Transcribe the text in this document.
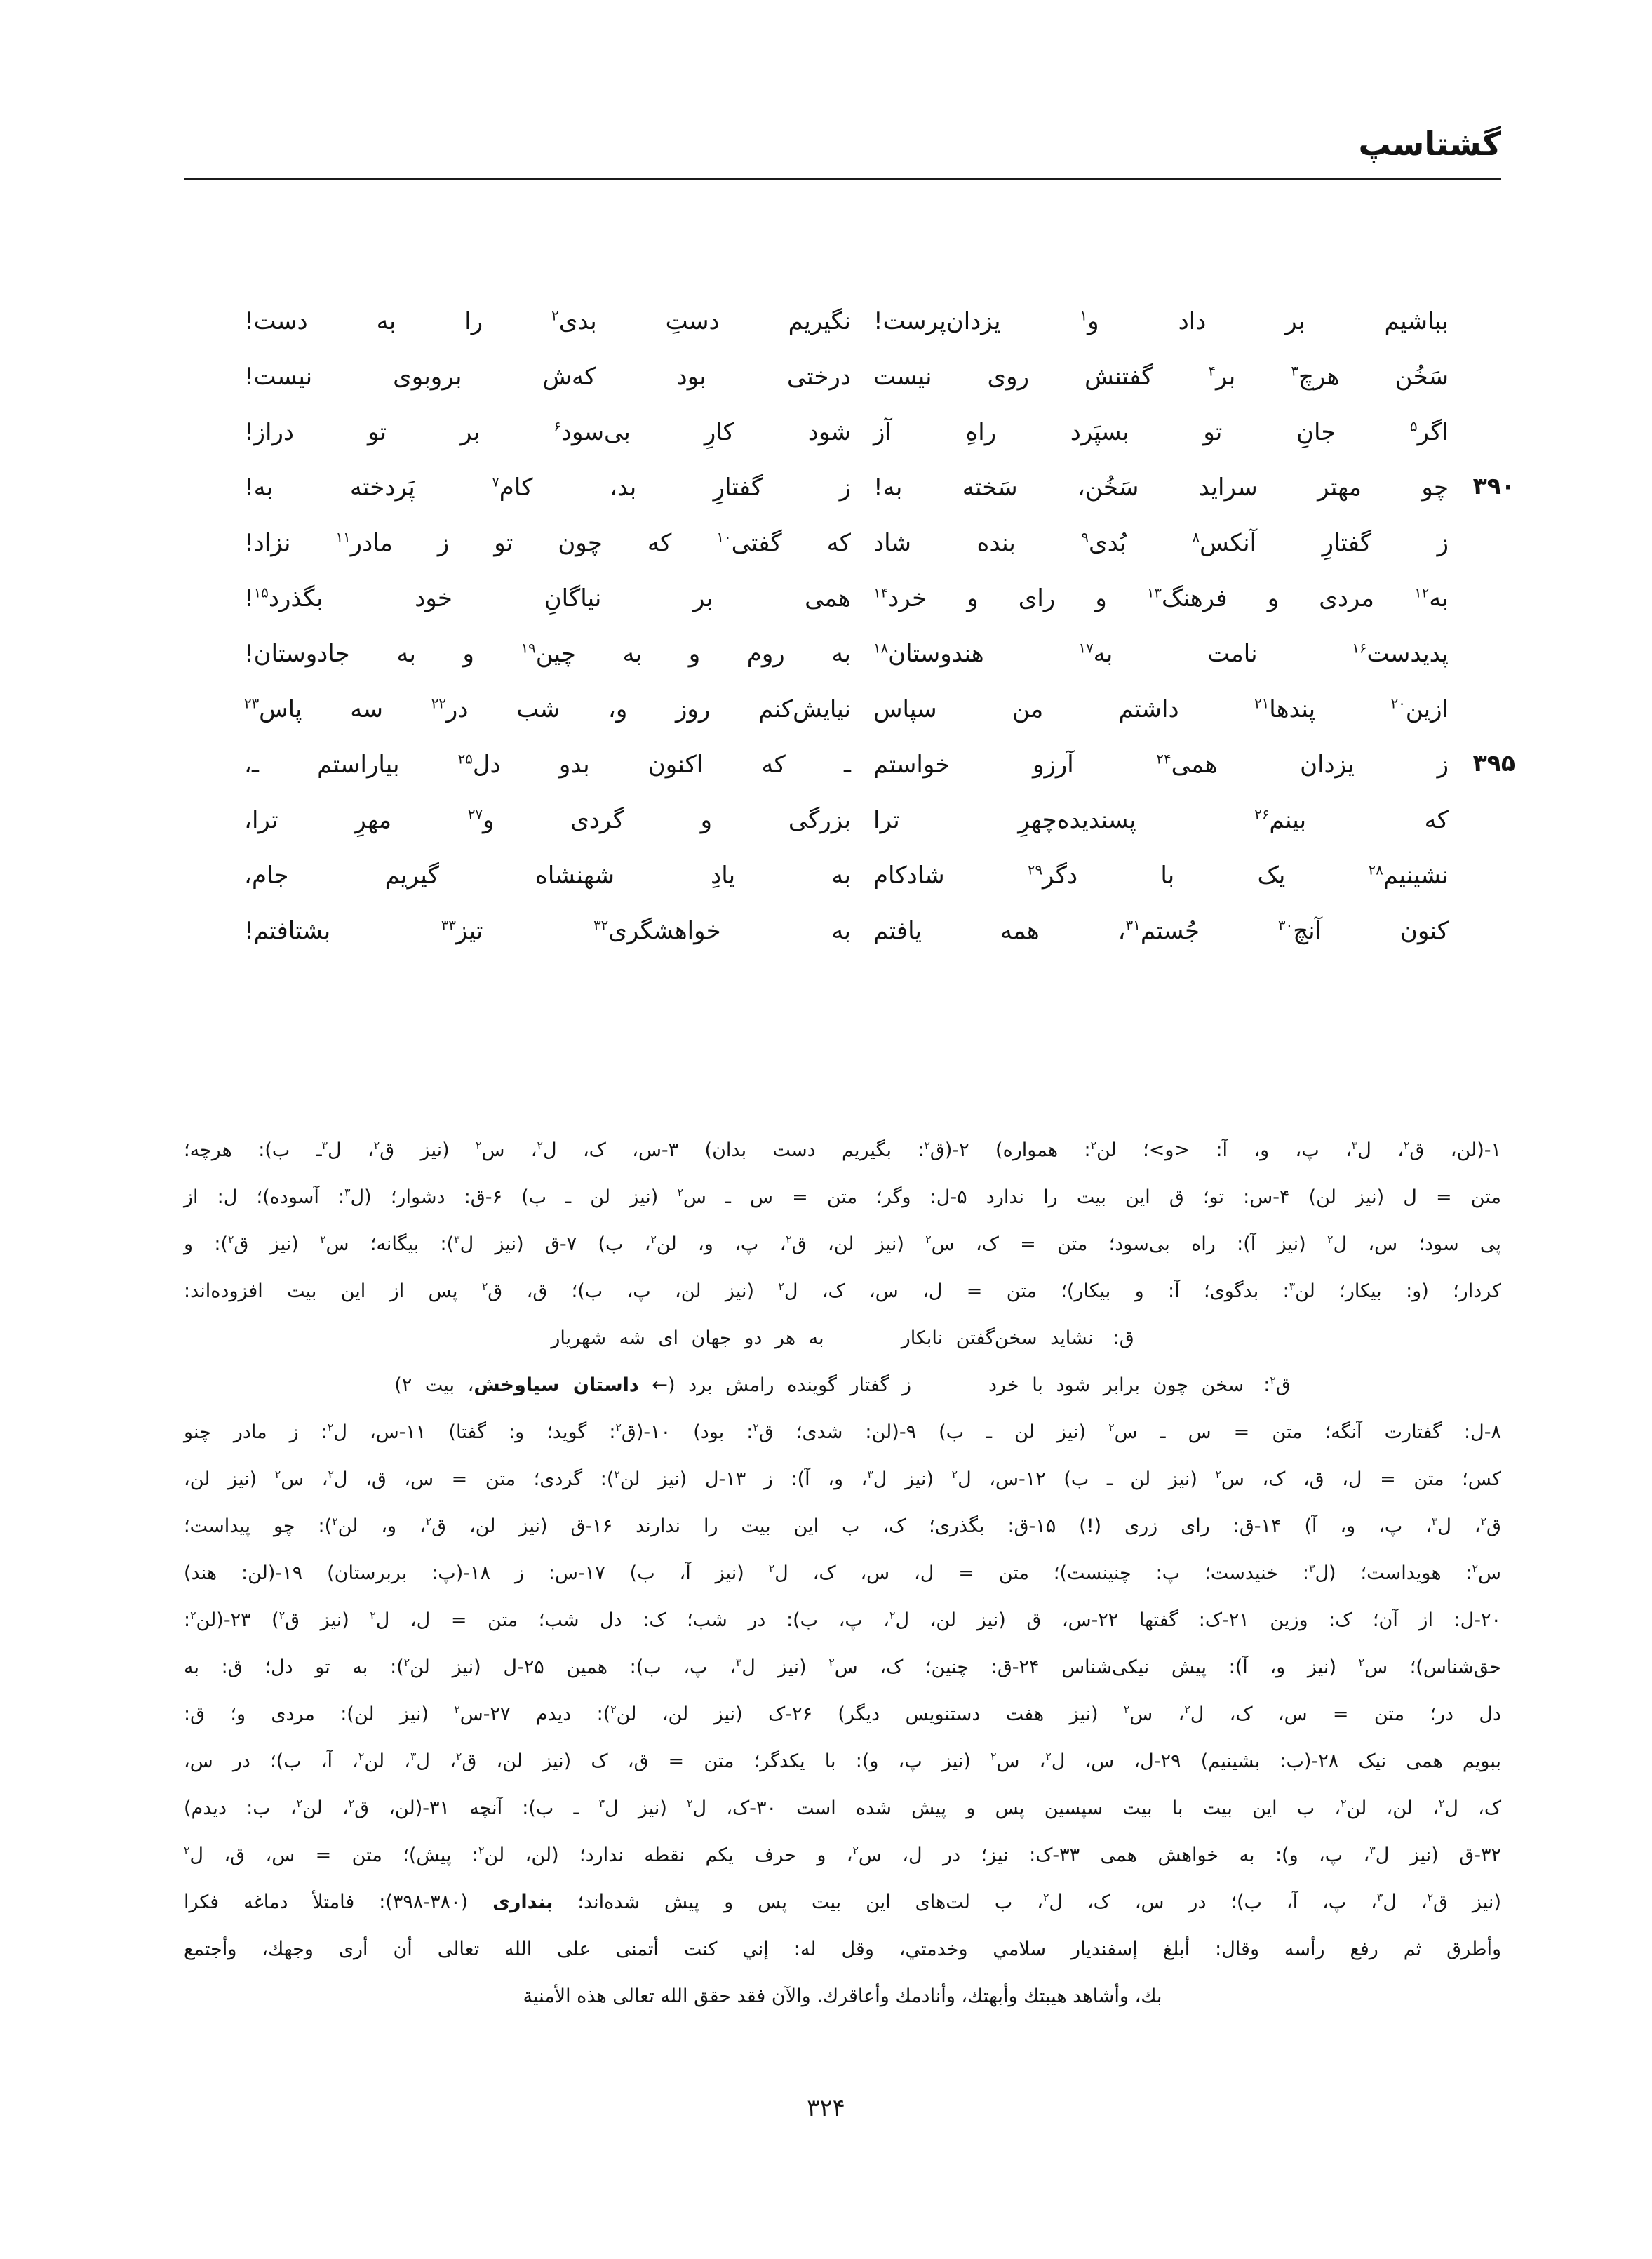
گشتاسپ
بباشیم بر داد و$^۱$ یزدان‌پرست!
نگیریم دستِ بدی$^۲$ را به دست!
سَخُن هرچ$^۳$ بر$^۴$ گفتنش روی نیست
درختی بود که‌ش بروبوی نیست!
اگر$^۵$ جانِ تو بسپَرد راهِ آز
شود کارِ بی‌سود$^۶$ بر تو دراز!
۳۹۰
چو مهتر سراید سَخُن، سَخته به!
ز گفتارِ بد، کام$^۷$ پَردخته به!
ز گفتارِ آنکس$^۸$ بُدی$^۹$ بنده شاد
که گفتی$^{۱۰}$ که چون تو ز مادر$^{۱۱}$ نزاد!
به$^{۱۲}$ مردی و فرهنگ$^{۱۳}$ و رای و خرد$^{۱۴}$
همی بر نیاگانِ خود بگذرد$^{۱۵}$!
پدیدست$^{۱۶}$ نامت به$^{۱۷}$ هندوستان$^{۱۸}$
به روم و به چین$^{۱۹}$ و به جادوستان!
ازین$^{۲۰}$ پندها$^{۲۱}$ داشتم من سپاس
نیایش‌کنم روز و، شب در$^{۲۲}$ سه پاس$^{۲۳}$
۳۹۵
ز یزدان همی$^{۲۴}$ آرزو خواستم
ـ که اکنون بدو دل$^{۲۵}$ بیاراستم ـ،
که بینم$^{۲۶}$ پسندیده‌چهرِ ترا
بزرگی و گردی و$^{۲۷}$ مهرِ ترا،
نشینیم$^{۲۸}$ یک با دگر$^{۲۹}$ شادکام
به یادِ شهنشاه گیریم جام،
کنون آنچ$^{۳۰}$ جُستم$^{۳۱}$، همه یافتم
به خواهشگری$^{۳۲}$ تیز$^{۳۳}$ بشتافتم!
۱-(لن، ق$^۲$، ل$^۳$، پ، و، آ: <و>؛ لن$^۲$: همواره) ۲-(ق$^۲$: بگیریم دست بدان) ۳-س، ک، ل$^۲$، س$^۲$ (نیز ق$^۲$، ل$^۳$ـ ب): هرچه؛
متن = ل (نیز لن) ۴-س: تو؛ ق این بیت را ندارد ۵-ل: وگر؛ متن = س ـ س$^۲$ (نیز لن ـ ب) ۶-ق: دشوار؛ (ل$^۳$: آسوده)؛ ل: از
پی سود؛ س، ل$^۲$ (نیز آ): راه بی‌سود؛ متن = ک، س$^۲$ (نیز لن، ق$^۲$، پ، و، لن$^۲$، ب) ۷-ق (نیز ل$^۳$): بیگانه؛ س$^۲$ (نیز ق$^۲$): و
کردار؛ (و: بیکار؛ لن$^۳$: بدگوی؛ آ: و بیکار)؛ متن = ل، س، ک، ل$^۲$ (نیز لن، پ، ب)؛ ق، ق$^۲$ پس از این بیت افزوده‌اند:
ق:نشاید سخن‌گفتن نابکاربه هر دو جهان ای شه شهریار
ق$^۲$:سخن چون برابر شود با خردز گفتار گوینده رامش برد (← داستان سیاوخش، بیت ۲)
۸-ل: گفتارت آنگه؛ متن = س ـ س$^۲$ (نیز لن ـ ب) ۹-(لن: شدی؛ ق$^۲$: بود) ۱۰-(ق$^۲$: گوید؛ و: گفتا) ۱۱-س، ل$^۲$: ز مادر چنو
کس؛ متن = ل، ق، ک، س$^۲$ (نیز لن ـ ب) ۱۲-س، ل$^۲$ (نیز ل$^۳$، و، آ): ز ۱۳-ل (نیز لن$^۲$): گردی؛ متن = س، ق، ل$^۲$، س$^۲$ (نیز لن،
ق$^۲$، ل$^۳$، پ، و، آ) ۱۴-ق: رای زری (!) ۱۵-ق: بگذری؛ ک، ب این بیت را ندارند ۱۶-ق (نیز لن، ق$^۲$، و، لن$^۲$): چو پیداست؛
س$^۲$: هویداست؛ (ل$^۳$: خنیدست؛ پ: چنینست)؛ متن = ل، س، ک، ل$^۲$ (نیز آ، ب) ۱۷-س: ز ۱۸-(پ: بربرستان) ۱۹-(لن: هند)
۲۰-ل: از آن؛ ک: وزین ۲۱-ک: گفتها ۲۲-س، ق (نیز لن، ل$^۲$، پ، ب): در شب؛ ک: دل شب؛ متن = ل، ل$^۲$ (نیز ق$^۲$) ۲۳-(لن$^۲$:
حق‌شناس)؛ س$^۲$ (نیز و، آ): پیش نیکی‌شناس ۲۴-ق: چنین؛ ک، س$^۲$ (نیز ل$^۳$، پ، ب): همین ۲۵-ل (نیز لن$^۲$): به تو دل؛ ق: به
دل در؛ متن = س، ک، ل$^۲$، س$^۲$ (نیز هفت دستنویس دیگر) ۲۶-ک (نیز لن، لن$^۲$): دیدم ۲۷-س$^۲$ (نیز لن): مردی و؛ ق:
ببویم همی نیک ۲۸-(ب: بشینیم) ۲۹-ل، س، ل$^۲$، س$^۲$ (نیز پ، و): با یکدگر؛ متن = ق، ک (نیز لن، ق$^۲$، ل$^۳$، لن$^۲$، آ، ب)؛ در س،
ک، ل$^۲$، لن، لن$^۲$، ب این بیت با بیت سپسین پس و پیش شده است ۳۰-ک، ل$^۲$ (نیز ل$^۳$ ـ ب): آنچه ۳۱-(لن، ق$^۲$، لن$^۲$، ب: دیدم)
۳۲-ق (نیز ل$^۳$، پ، و): به خواهش همی ۳۳-ک: نیز؛ در ل، س$^۲$، و حرف یکم نقطه ندارد؛ (لن، لن$^۲$: پیش)؛ متن = س، ق، ل$^۲$
(نیز ق$^۲$، ل$^۳$، پ، آ، ب)؛ در س، ک، ل$^۲$، ب لت‌های این بیت پس و پیش شده‌اند؛ بنداری (۳۸۰-۳۹۸): فامتلأ دماغه فکرا
وأطرق ثم رفع رأسه وقال: أبلغ إسفندیار سلامي وخدمتي، وقل له: إني كنت أتمنى علی الله تعالی أن أری وجهك، وأجتمع
بك، وأشاهد هیبتك وأبهتك، وأنادمك وأعاقرك. والآن فقد حقق الله تعالی هذه الأمنیة
۳۲۴
